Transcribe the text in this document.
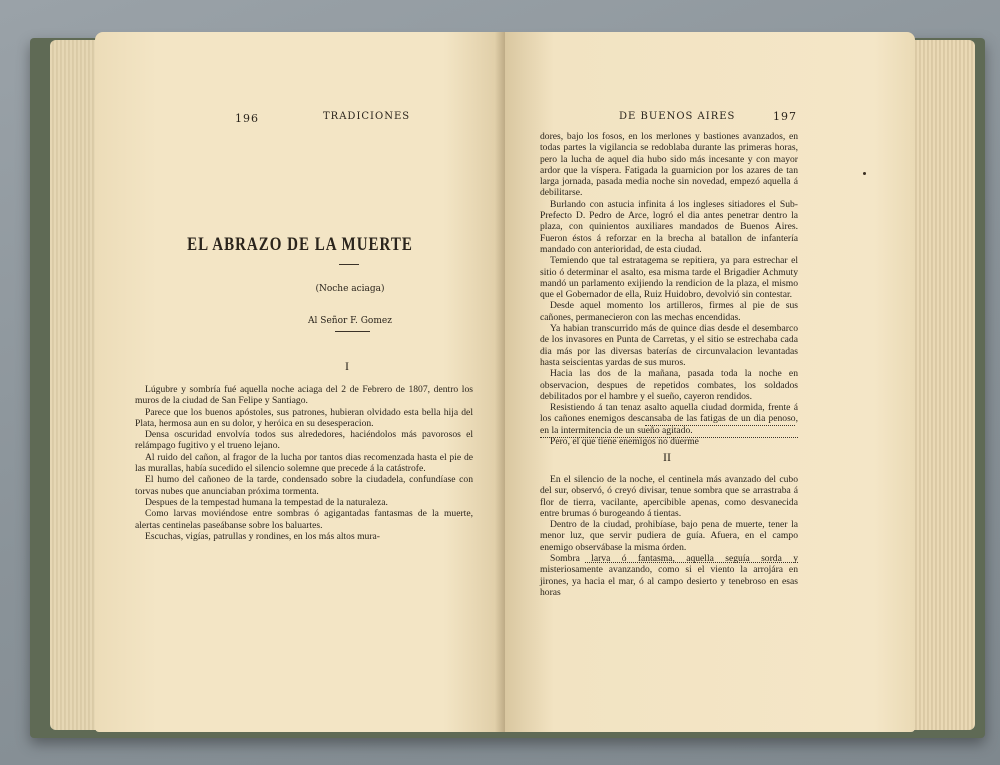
196	TRADICIONES
EL ABRAZO DE LA MUERTE
(Noche aciaga)
Al Señor F. Gomez
I

Lúgubre y sombría fué aquella noche aciaga del 2 de Febrero de 1807, dentro los muros de la ciudad de San Felipe y Santiago.

Parece que los buenos apóstoles, sus patrones, hubieran olvidado esta bella hija del Plata, hermosa aun en su dolor, y heróica en su desesperacion.

Densa oscuridad envolvía todos sus alrededores, haciéndolos más pavorosos el relámpago fugitivo y el trueno lejano.

Al ruido del cañon, al fragor de la lucha por tantos dias recomenzada hasta el pie de las murallas, había sucedido el silencio solemne que precede á la catástrofe.

El humo del cañoneo de la tarde, condensado sobre la ciudadela, confundíase con torvas nubes que anunciaban próxima tormenta.

Despues de la tempestad humana la tempestad de la naturaleza.

Como larvas moviéndose entre sombras ó agigantadas fantasmas de la muerte, alertas centinelas paseábanse sobre los baluartes.

Escuchas, vigías, patrullas y rondines, en los más altos mura-

DE BUENOS AIRES	197

dores, bajo los fosos, en los merlones y bastiones avanzados, en todas partes la vigilancia se redoblaba durante las primeras horas, pero la lucha de aquel dia hubo sido más incesante y con mayor ardor que la víspera. Fatigada la guarnicion por los azares de tan larga jornada, pasada media noche sin novedad, empezó aquella á debilitarse.

Burlando con astucia infinita á los ingleses sitiadores el Sub-Prefecto D. Pedro de Arce, logró el dia antes penetrar dentro la plaza, con quinientos auxiliares mandados de Buenos Aires. Fueron éstos á reforzar en la brecha al batallon de infantería mandado con anterioridad, de esta ciudad.

Temiendo que tal estratagema se repitiera, ya para estrechar el sitio ó determinar el asalto, esa misma tarde el Brigadier Achmuty mandó un parlamento exijiendo la rendicion de la plaza, el mismo que el Gobernador de ella, Ruiz Huidobro, devolvió sin contestar.

Desde aquel momento los artilleros, firmes al pie de sus cañones, permanecieron con las mechas encendidas.

Ya habian transcurrido más de quince dias desde el desembarco de los invasores en Punta de Carretas, y el sitio se estrechaba cada dia más por las diversas baterías de circunvalacion levantadas hasta seiscientas yardas de sus muros.

Hacia las dos de la mañana, pasada toda la noche en observacion, despues de repetidos combates, los soldados debilitados por el hambre y el sueño, cayeron rendidos.

Resistiendo á tan tenaz asalto aquella ciudad dormida, frente á los cañones enemigos descansaba de las fatigas de un dia penoso, en la intermitencia de un sueño agitado.

Pero, el que tiene enemigos no duerme

II

En el silencio de la noche, el centinela más avanzado del cubo del sur, observó, ó creyó divisar, tenue sombra que se arrastraba á flor de tierra, vacilante, apercibible apenas, como desvanecida entre brumas ó burogeando á tientas.

Dentro de la ciudad, prohibíase, bajo pena de muerte, tener la menor luz, que servir pudiera de guía. Afuera, en el campo enemigo observábase la misma órden.

Sombra larva ó fantasma, aquella seguía sorda y misteriosamente avanzando, como si el viento la arrojára en jirones, ya hacia el mar, ó al campo desierto y tenebroso en esas horas
